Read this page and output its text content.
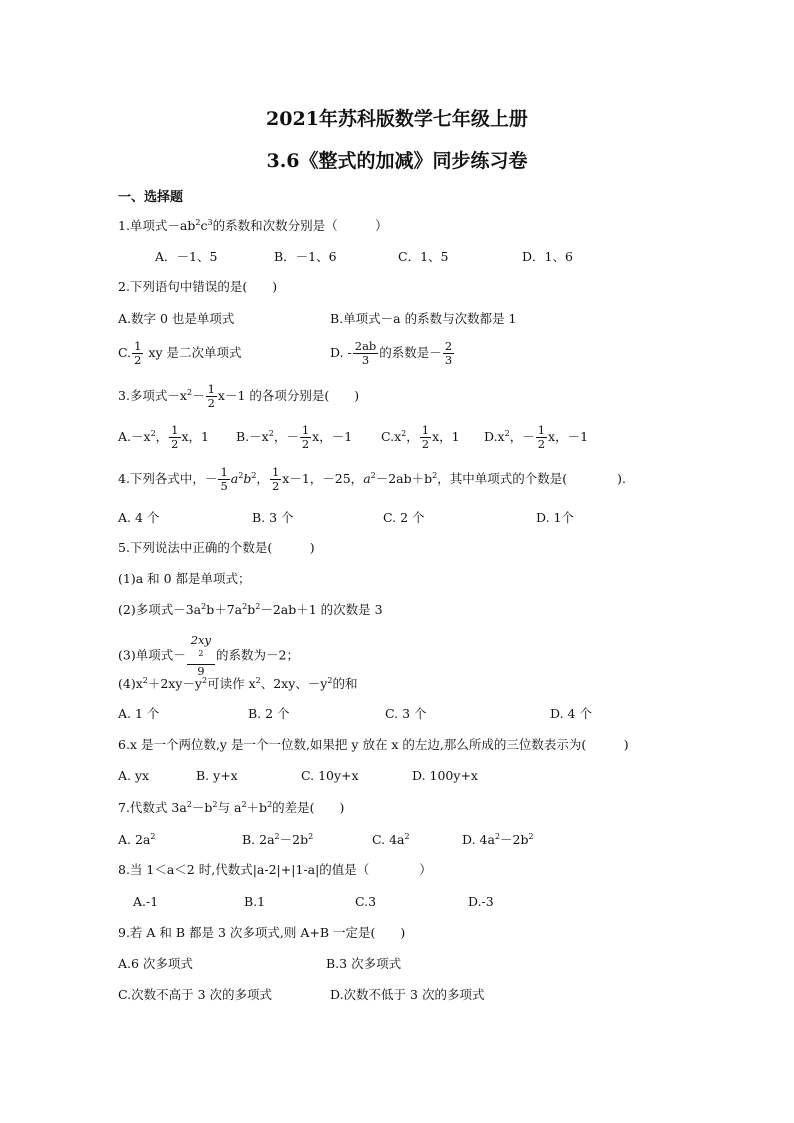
2021年苏科版数学七年级上册
3.6《整式的加减》同步练习卷
一、选择题
1.单项式$-ab^2c^3$的系数和次数分别是（　　　）
A．－1、5	B．－1、6	C．1、5	D．1、6
2.下列语句中错误的是(　　)
A.数字 0 也是单项式	B.单项式－a 的系数与次数都是 1
C. $\frac{1}{2}$ xy 是二次单项式	D. - $\frac{2ab}{3}$ 的系数是－ $\frac{2}{3}$
3.多项式$-x^2- \frac{1}{2} x-1$ 的各项分别是(　　)
$A.-x^2$， $\frac{1}{2}$ x，1 $B.-x^2$，－ $\frac{1}{2}$ x，－1 $C.x^2$， $\frac{1}{2}$ x，1 $D.x^2$，－ $\frac{1}{2}$ x，－1
4.下列各式中，－ $\frac{1}{5} a^2b^2$， $\frac{1}{2} x-1$，－25，$a^2-2ab+b^2$，其中单项式的个数是(　　　　).
A. 4 个	B. 3 个	C. 2 个	D. 1个
5.下列说法中正确的个数是(　　　)
(1)a 和 0 都是单项式；
(2)多项式$-3a^2b+7a^2b^2-2ab+1$ 的次数是 3
(3)单项式－ 2xy
$^2$
9 的系数为－2；
$(4)x^2+2xy-y^2$可读作 $x^2$、2xy、$-y^2$的和
A. 1 个	B. 2 个	C. 3 个	D. 4 个
6.x 是一个两位数,y 是一个一位数,如果把 y 放在 x 的左边,那么所成的三位数表示为(　　　)
A. yx	B. y+x	C. 10y+x	D. 100y+x
7.代数式 $3a^2-b^2$与 $a^2+b^2$的差是(　　)
A. $2a^2$	B. $2a^2-2b^2$	C. $4a^2$	D. $4a^2-2b^2$
8.当 1＜a＜2 时,代数式|a-2|+|1-a|的值是（　　　　）
A.-1	B.1	C.3	D.-3
9.若 A 和 B 都是 3 次多项式,则 A+B 一定是(　　)
A.6 次多项式	B.3 次多项式
C.次数不高于 3 次的多项式	D.次数不低于 3 次的多项式
